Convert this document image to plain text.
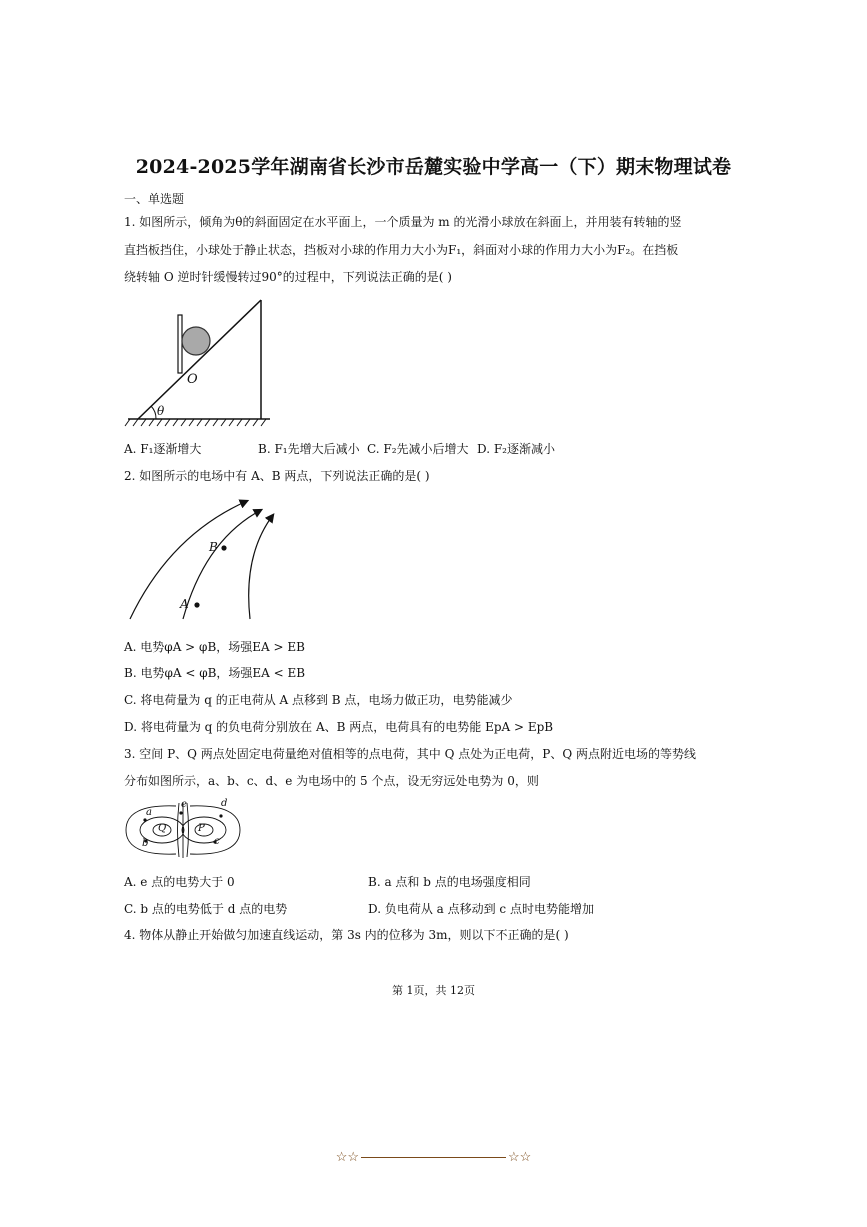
2024-2025学年湖南省长沙市岳麓实验中学高一（下）期末物理试卷
一、单选题
1. 如图所示，倾角为θ的斜面固定在水平面上，一个质量为 m 的光滑小球放在斜面上，并用装有转轴的竖
直挡板挡住，小球处于静止状态，挡板对小球的作用力大小为F₁，斜面对小球的作用力大小为F₂。在挡板
绕转轴 O 逆时针缓慢转过90°的过程中，下列说法正确的是( )
O
θ
A. F₁逐渐增大	B. F₁先增大后减小 C. F₂先减小后增大 D. F₂逐渐减小
2. 如图所示的电场中有 A、B 两点，下列说法正确的是( )
A
B
A. 电势φA > φB，场强EA > EB
B. 电势φA < φB，场强EA < EB
C. 将电荷量为 q 的正电荷从 A 点移到 B 点，电场力做正功，电势能减少
D. 将电荷量为 q 的负电荷分别放在 A、B 两点，电荷具有的电势能 EpA > EpB
3. 空间 P、Q 两点处固定电荷量绝对值相等的点电荷，其中 Q 点处为正电荷，P、Q 两点附近电场的等势线
分布如图所示，a、b、c、d、e 为电场中的 5 个点，设无穷远处电势为 0，则
a
b	c
d
e
Q	P
A. e 点的电势大于 0	B. a 点和 b 点的电场强度相同
C. b 点的电势低于 d 点的电势	D. 负电荷从 a 点移动到 c 点时电势能增加
4. 物体从静止开始做匀加速直线运动，第 3s 内的位移为 3m，则以下不正确的是( )
第 1页，共 12页
☆☆	☆☆
